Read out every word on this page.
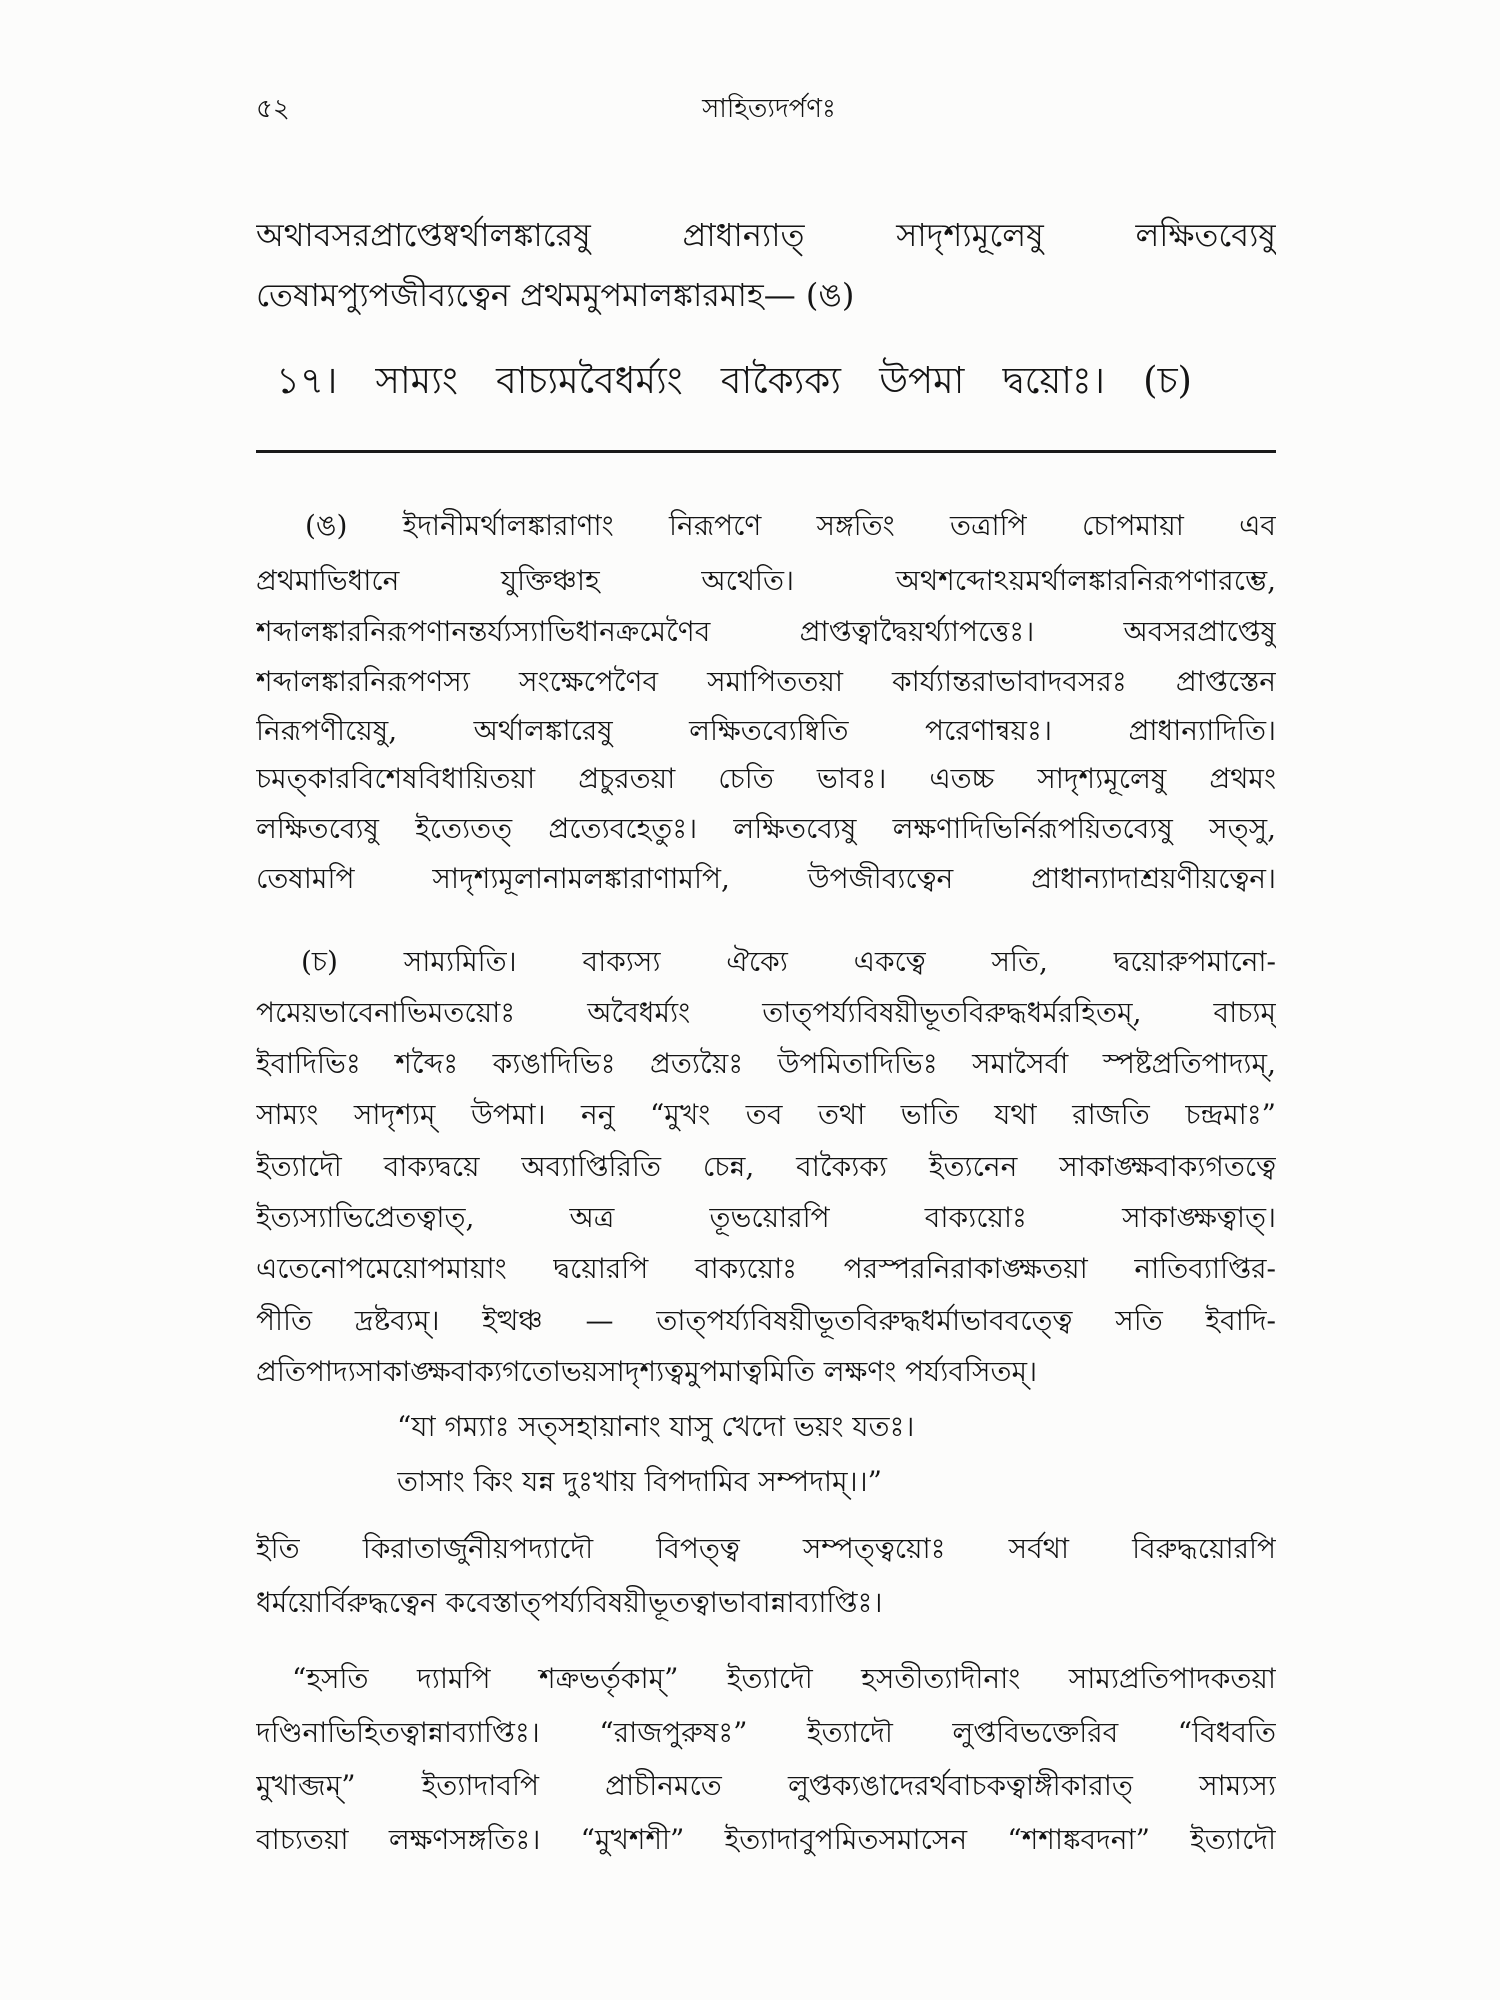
৫২	সাহিত্যদর্পণঃ
অথাবসরপ্রাপ্তেষ্বর্থালঙ্কারেষু প্রাধান্যাত্ সাদৃশ্যমূলেষু লক্ষিতব্যেষু
তেষামপ্যুপজীব্যত্বেন প্রথমমুপমালঙ্কারমাহ— (ঙ)
১৭। সাম্যং বাচ্যমবৈধর্ম্যং বাক্যৈক্য উপমা দ্বয়োঃ। (চ)
(ঙ) ইদানীমর্থালঙ্কারাণাং নিরূপণে সঙ্গতিং তত্রাপি চোপমায়া এব
প্রথমাভিধানে যুক্তিঞ্চাহ অথেতি। অথশব্দোঽয়মর্থালঙ্কারনিরূপণারম্ভে,
শব্দালঙ্কারনিরূপণানন্তর্য্যস্যাভিধানক্রমেণৈব প্রাপ্তত্বাদ্বৈয়র্থ্যাপত্তেঃ। অবসরপ্রাপ্তেষু
শব্দালঙ্কারনিরূপণস্য সংক্ষেপেণৈব সমাপিততয়া কার্য্যান্তরাভাবাদবসরঃ প্রাপ্তস্তেন
নিরূপণীয়েষু, অর্থালঙ্কারেষু লক্ষিতব্যেষ্বিতি পরেণান্বয়ঃ। প্রাধান্যাদিতি।
চমত্কারবিশেষবিধায়িতয়া প্রচুরতয়া চেতি ভাবঃ। এতচ্চ সাদৃশ্যমূলেষু প্রথমং
লক্ষিতব্যেষু ইত্যেতত্ প্রত্যেবহেতুঃ। লক্ষিতব্যেষু লক্ষণাদিভির্নিরূপয়িতব্যেষু সত্সু,
তেষামপি সাদৃশ্যমূলানামলঙ্কারাণামপি, উপজীব্যত্বেন প্রাধান্যাদাশ্রয়ণীয়ত্বেন।
(চ) সাম্যমিতি। বাক্যস্য ঐক্যে একত্বে সতি, দ্বয়োরুপমানো-
পমেয়ভাবেনাভিমতয়োঃ অবৈধর্ম্যং তাত্পর্য্যবিষয়ীভূতবিরুদ্ধধর্মরহিতম্, বাচ্যম্
ইবাদিভিঃ শব্দৈঃ ক্যঙাদিভিঃ প্রত্যয়ৈঃ উপমিতাদিভিঃ সমাসৈর্বা স্পষ্টপ্রতিপাদ্যম্,
সাম্যং সাদৃশ্যম্ উপমা। ননু “মুখং তব তথা ভাতি যথা রাজতি চন্দ্রমাঃ”
ইত্যাদৌ বাক্যদ্বয়ে অব্যাপ্তিরিতি চেন্ন, বাক্যৈক্য ইত্যনেন সাকাঙ্ক্ষবাক্যগতত্বে
ইত্যস্যাভিপ্রেতত্বাত্, অত্র তূভয়োরপি বাক্যয়োঃ সাকাঙ্ক্ষত্বাত্।
এতেনোপমেয়োপমায়াং দ্বয়োরপি বাক্যয়োঃ পরস্পরনিরাকাঙ্ক্ষতয়া নাতিব্যাপ্তির-
পীতি দ্রষ্টব্যম্। ইত্থঞ্চ — তাত্পর্য্যবিষয়ীভূতবিরুদ্ধধর্মাভাববত্ত্বে সতি ইবাদি-
প্রতিপাদ্যসাকাঙ্ক্ষবাক্যগতোভয়সাদৃশ্যত্বমুপমাত্বমিতি লক্ষণং পর্য্যবসিতম্।
“যা গম্যাঃ সত্সহায়ানাং যাসু খেদো ভয়ং যতঃ।
তাসাং কিং যন্ন দুঃখায় বিপদামিব সম্পদাম্।।”
ইতি কিরাতার্জুনীয়পদ্যাদৌ বিপত্ত্ব সম্পত্ত্বয়োঃ সর্বথা বিরুদ্ধয়োরপি
ধর্ময়োর্বিরুদ্ধত্বেন কবেস্তাত্পর্য্যবিষয়ীভূতত্বাভাবান্নাব্যাপ্তিঃ।
“হসতি দ্যামপি শক্রভর্তৃকাম্” ইত্যাদৌ হসতীত্যাদীনাং সাম্যপ্রতিপাদকতয়া
দণ্ডিনাভিহিতত্বান্নাব্যাপ্তিঃ। “রাজপুরুষঃ” ইত্যাদৌ লুপ্তবিভক্তেরিব “বিধবতি
মুখাব্জম্” ইত্যাদাবপি প্রাচীনমতে লুপ্তক্যঙাদেরর্থবাচকত্বাঙ্গীকারাত্ সাম্যস্য
বাচ্যতয়া লক্ষণসঙ্গতিঃ। “মুখশশী” ইত্যাদাবুপমিতসমাসেন “শশাঙ্কবদনা” ইত্যাদৌ
